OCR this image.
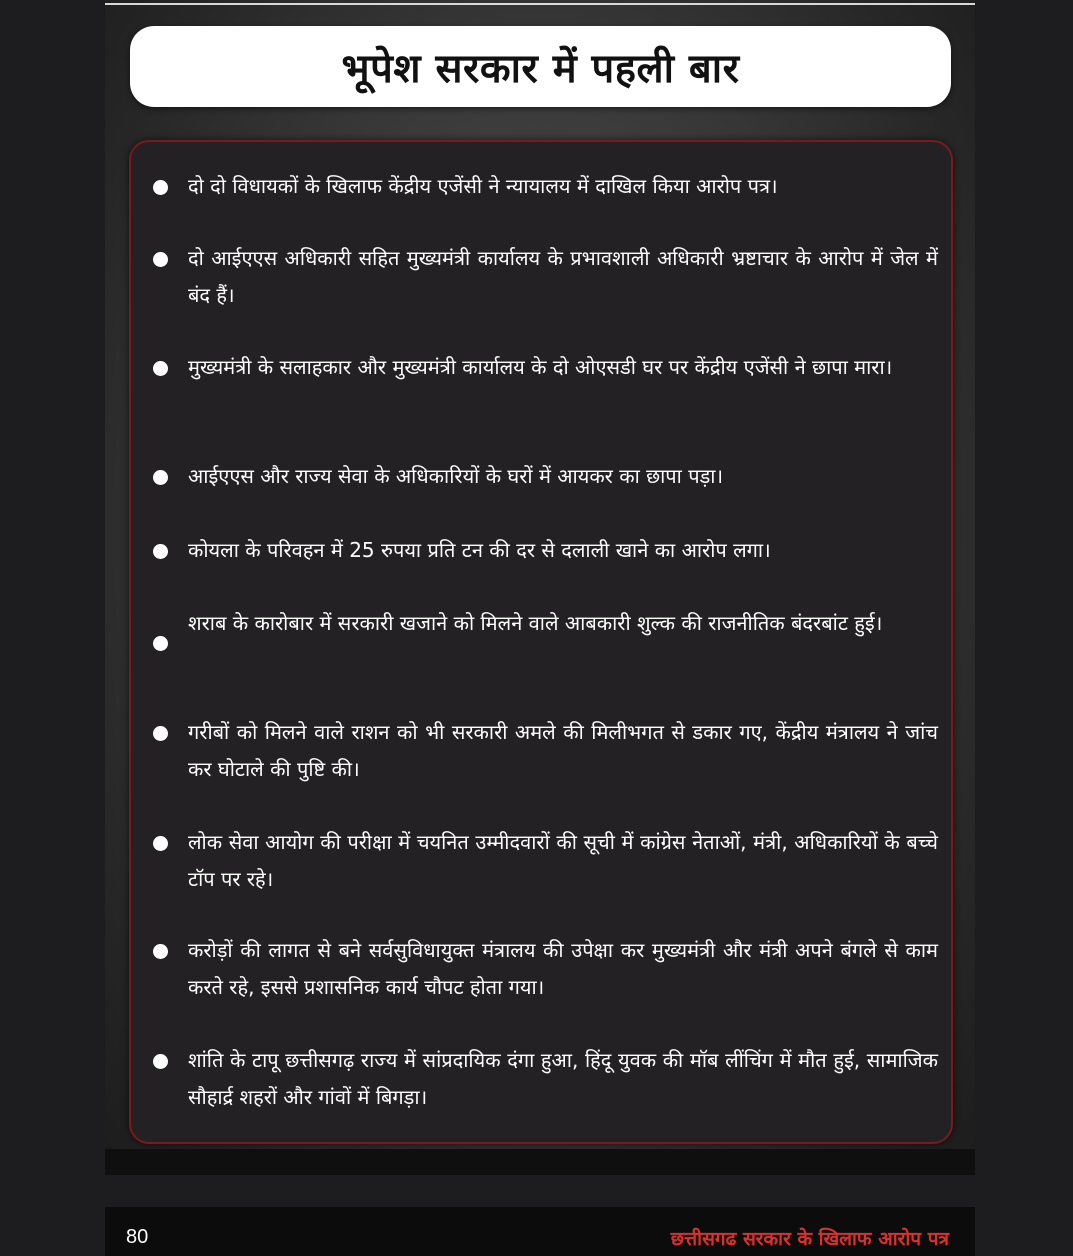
भूपेश सरकार में पहली बार
दो दो विधायकों के खिलाफ केंद्रीय एजेंसी ने न्यायालय में दाखिल किया आरोप पत्र।
दो आईएएस अधिकारी सहित मुख्यमंत्री कार्यालय के प्रभावशाली अधिकारी भ्रष्टाचार के आरोप में जेल में बंद हैं।
मुख्यमंत्री के सलाहकार और मुख्यमंत्री कार्यालय के दो ओएसडी घर पर केंद्रीय एजेंसी ने छापा मारा।
आईएएस और राज्य सेवा के अधिकारियों के घरों में आयकर का छापा पड़ा।
कोयला के परिवहन में 25 रुपया प्रति टन की दर से दलाली खाने का आरोप लगा।
शराब के कारोबार में सरकारी खजाने को मिलने वाले आबकारी शुल्क की राजनीतिक बंदरबांट हुई।
गरीबों को मिलने वाले राशन को भी सरकारी अमले की मिलीभगत से डकार गए, केंद्रीय मंत्रालय ने जांच कर घोटाले की पुष्टि की।
लोक सेवा आयोग की परीक्षा में चयनित उम्मीदवारों की सूची में कांग्रेस नेताओं, मंत्री, अधिकारियों के बच्चे टॉप पर रहे।
करोड़ों की लागत से बने सर्वसुविधायुक्त मंत्रालय की उपेक्षा कर मुख्यमंत्री और मंत्री अपने बंगले से काम करते रहे, इससे प्रशासनिक कार्य चौपट होता गया।
शांति के टापू छत्तीसगढ़ राज्य में सांप्रदायिक दंगा हुआ, हिंदू युवक की मॉब लींचिंग में मौत हुई, सामाजिक सौहार्द्र शहरों और गांवों में बिगड़ा।
80	छत्तीसगढ सरकार के खिलाफ आरोप पत्र
